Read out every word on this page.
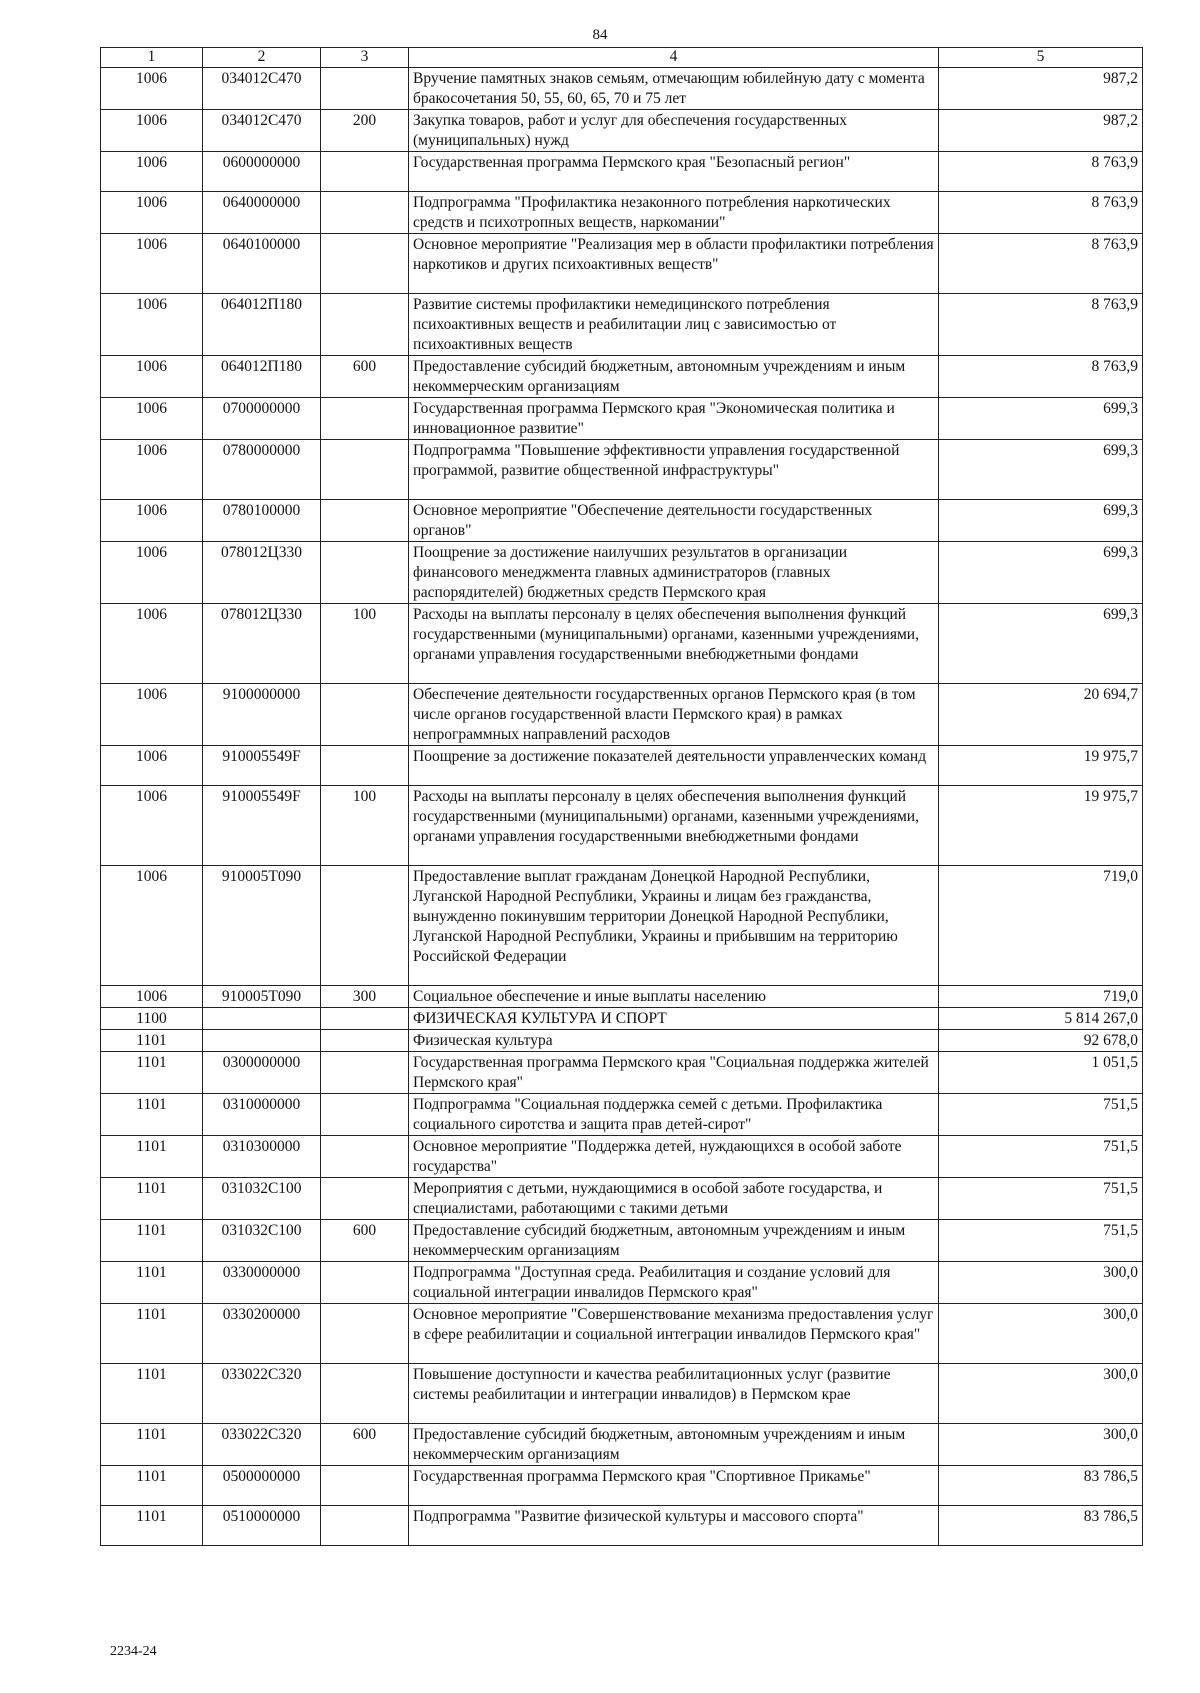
84
1	2	3	4	5
1006	034012С470		Вручение памятных знаков семьям, отмечающим юбилейную дату с момента бракосочетания 50, 55, 60, 65, 70 и 75 лет	987,2
1006	034012С470	200	Закупка товаров, работ и услуг для обеспечения государственных (муниципальных) нужд	987,2
1006	0600000000		Государственная программа Пермского края "Безопасный регион"	8 763,9
1006	0640000000		Подпрограмма "Профилактика незаконного потребления наркотических средств и психотропных веществ, наркомании"	8 763,9
1006	0640100000		Основное мероприятие "Реализация мер в области профилактики потребления наркотиков и других психоактивных веществ"	8 763,9
1006	064012П180		Развитие системы профилактики немедицинского потребления психоактивных веществ и реабилитации лиц с зависимостью от психоактивных веществ	8 763,9
1006	064012П180	600	Предоставление субсидий бюджетным, автономным учреждениям и иным некоммерческим организациям	8 763,9
1006	0700000000		Государственная программа Пермского края "Экономическая политика и инновационное развитие"	699,3
1006	0780000000		Подпрограмма "Повышение эффективности управления государственной программой, развитие общественной инфраструктуры"	699,3
1006	0780100000		Основное мероприятие "Обеспечение деятельности государственных органов"	699,3
1006	078012Ц330		Поощрение за достижение наилучших результатов в организации финансового менеджмента главных администраторов (главных распорядителей) бюджетных средств Пермского края	699,3
1006	078012Ц330	100	Расходы на выплаты персоналу в целях обеспечения выполнения функций государственными (муниципальными) органами, казенными учреждениями, органами управления государственными внебюджетными фондами	699,3
1006	9100000000		Обеспечение деятельности государственных органов Пермского края (в том числе органов государственной власти Пермского края) в рамках непрограммных направлений расходов	20 694,7
1006	910005549F		Поощрение за достижение показателей деятельности управленческих команд	19 975,7
1006	910005549F	100	Расходы на выплаты персоналу в целях обеспечения выполнения функций государственными (муниципальными) органами, казенными учреждениями, органами управления государственными внебюджетными фондами	19 975,7
1006	910005Т090		Предоставление выплат гражданам Донецкой Народной Республики, Луганской Народной Республики, Украины и лицам без гражданства, вынужденно покинувшим территории Донецкой Народной Республики, Луганской Народной Республики, Украины и прибывшим на территорию Российской Федерации	719,0
1006	910005Т090	300	Социальное обеспечение и иные выплаты населению	719,0
1100			ФИЗИЧЕСКАЯ КУЛЬТУРА И СПОРТ	5 814 267,0
1101			Физическая культура	92 678,0
1101	0300000000		Государственная программа Пермского края "Социальная поддержка жителей Пермского края"	1 051,5
1101	0310000000		Подпрограмма "Социальная поддержка семей с детьми. Профилактика социального сиротства и защита прав детей-сирот"	751,5
1101	0310300000		Основное мероприятие "Поддержка детей, нуждающихся в особой заботе государства"	751,5
1101	031032С100		Мероприятия с детьми, нуждающимися в особой заботе государства, и специалистами, работающими с такими детьми	751,5
1101	031032С100	600	Предоставление субсидий бюджетным, автономным учреждениям и иным некоммерческим организациям	751,5
1101	0330000000		Подпрограмма "Доступная среда. Реабилитация и создание условий для социальной интеграции инвалидов Пермского края"	300,0
1101	0330200000		Основное мероприятие "Совершенствование механизма предоставления услуг в сфере реабилитации и социальной интеграции инвалидов Пермского края"	300,0
1101	033022С320		Повышение доступности и качества реабилитационных услуг (развитие системы реабилитации и интеграции инвалидов) в Пермском крае	300,0
1101	033022С320	600	Предоставление субсидий бюджетным, автономным учреждениям и иным некоммерческим организациям	300,0
1101	0500000000		Государственная программа Пермского края "Спортивное Прикамье"	83 786,5
1101	0510000000		Подпрограмма "Развитие физической культуры и массового спорта"	83 786,5
2234-24
